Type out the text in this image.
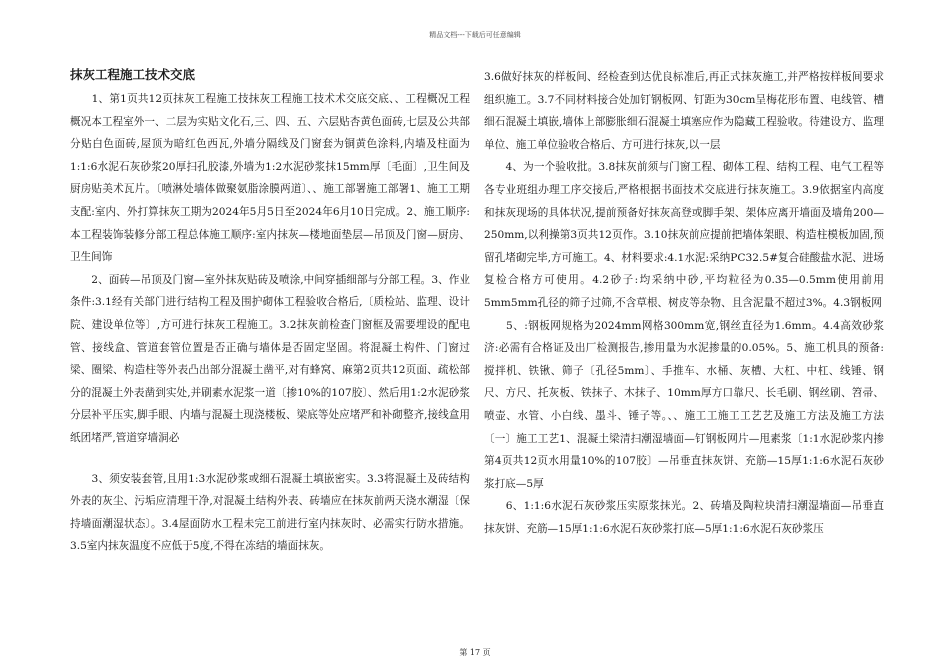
精品文档---下载后可任意编辑

抹灰工程施工技术交底

　　1、第1页共12页抹灰工程施工技抹灰工程施工技术术交底交底、、工程概况工程概况本工程室外一、二层为实贴文化石,三、四、五、六层贴杏黄色面砖,七层及公共部分贴白色面砖,屋顶为暗红色西瓦,外墙分隔线及门窗套为铜黄色涂料,内墙及柱面为1:1:6水泥石灰砂浆20厚扫孔胶漆,外墙为1:2水泥砂浆抹15mm厚〔毛面〕,卫生间及厨房贴美术瓦片。〔喷淋处墙体做聚氨脂涂膜两道〕、、施工部署施工部署1、施工工期支配:室内、外打算抹灰工期为2024年5月5日至2024年6月10日完成。2、施工顺序:本工程装饰装修分部工程总体施工顺序:室内抹灰—楼地面垫层—吊顶及门窗—厨房、卫生间饰

　　2、面砖—吊顶及门窗—室外抹灰贴砖及喷涂,中间穿插细部与分部工程。3、作业条件:3.1经有关部门进行结构工程及围护砌体工程验收合格后,〔质检站、监理、设计院、建设单位等〕,方可进行抹灰工程施工。3.2抹灰前检查门窗框及需要埋设的配电管、接线盒、管道套管位置是否正确与墙体是否固定坚固。将混凝土构件、门窗过梁、圈梁、构造柱等外表凸出部分混凝土凿平,对有蜂窝、麻第2页共12页面、疏松部分的混凝土外表凿到实处,并刷素水泥浆一道〔掺10%的107胶〕、然后用1:2水泥砂浆分层补平压实,脚手眼、内墙与混凝土现浇楼板、梁底等处应堵严和补砌整齐,接线盒用纸团堵严,管道穿墙洞必

　　3、须安装套管,且用1:3水泥砂浆或细石混凝土填嵌密实。3.3将混凝土及砖结构外表的灰尘、污垢应清理干净,对混凝土结构外表、砖墙应在抹灰前两天浇水潮湿〔保持墙面潮湿状态〕。3.4屋面防水工程未完工前进行室内抹灰时、必需实行防水措施。3.5室内抹灰温度不应低于5度,不得在冻结的墙面抹灰。

3.6做好抹灰的样板间、经检查到达优良标准后,再正式抹灰施工,并严格按样板间要求组织施工。3.7不同材料接合处加钉钢板网、钉距为30cm呈梅花形布置、电线管、槽细石混凝土填嵌,墙体上部膨胀细石混凝土填塞应作为隐藏工程验收。待建设方、监理单位、施工单位验收合格后、方可进行抹灰,以一层

　　4、为一个验收批。3.8抹灰前须与门窗工程、砌体工程、结构工程、电气工程等各专业班组办理工序交接后,严格根据书面技术交底进行抹灰施工。3.9依据室内高度和抹灰现场的具体状况,提前预备好抹灰高登或脚手架、架体应离开墙面及墙角200—250mm,以利操第3页共12页作。3.10抹灰前应提前把墙体架眼、构造柱模板加固,预留孔堵砌完毕,方可施工。4、材料要求:4.1水泥:采纳PC32.5#复合硅酸盐水泥、进场复检合格方可使用。4.2砂子:均采纳中砂,平均粒径为0.35—0.5mm使用前用5mm5mm孔径的筛子过筛,不含草根、树皮等杂物、且含泥量不超过3%。4.3钢板网

　　5、:钢板网规格为2024mm网格300mm宽,钢丝直径为1.6mm。4.4高效砂浆济:必需有合格证及出厂检测报告,掺用量为水泥掺量的0.05%。5、施工机具的预备:搅拌机、铁锹、筛子〔孔径5mm〕、手推车、水桶、灰槽、大杠、中杠、线锤、钢尺、方尺、托灰板、铁抹子、木抹子、10mm厚方口靠尺、长毛刷、钢丝刷、笤帚、喷壶、水管、小白线、墨斗、锤子等。、、施工工施工工艺艺及施工方法及施工方法〔一〕施工工艺1、混凝土梁清扫潮湿墙面—钉钢板网片—甩素浆〔1:1水泥砂浆内掺第4页共12页水用量10%的107胶〕—吊垂直抹灰饼、充筋—15厚1:1:6水泥石灰砂浆打底—5厚

　　6、1:1:6水泥石灰砂浆压实原浆抹光。2、砖墙及陶粒块清扫潮湿墙面—吊垂直抹灰饼、充筋—15厚1:1:6水泥石灰砂浆打底—5厚1:1:6水泥石灰砂浆压

第 17 页
